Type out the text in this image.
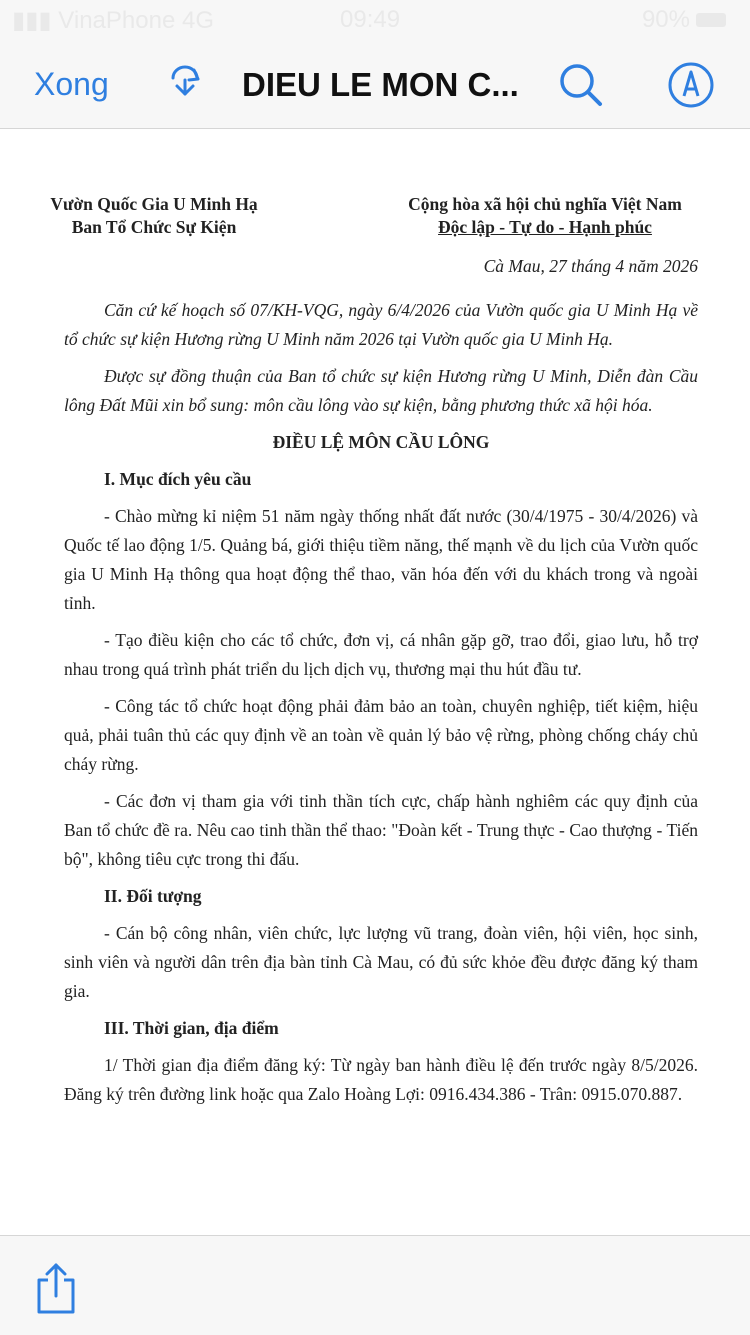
▮▮▮ VinaPhone 4G	09:49	90%
Xong	DIEU LE MON C...
Vườn Quốc Gia U Minh Hạ
Ban Tổ Chức Sự Kiện
Cộng hòa xã hội chủ nghĩa Việt Nam
Độc lập - Tự do - Hạnh phúc
Cà Mau, 27 tháng 4 năm 2026

Căn cứ kế hoạch số 07/KH-VQG, ngày 6/4/2026 của Vườn quốc gia U Minh Hạ về tổ chức sự kiện Hương rừng U Minh năm 2026 tại Vườn quốc gia U Minh Hạ.

Được sự đồng thuận của Ban tổ chức sự kiện Hương rừng U Minh, Diễn đàn Cầu lông Đất Mũi xin bổ sung: môn cầu lông vào sự kiện, bằng phương thức xã hội hóa.

ĐIỀU LỆ MÔN CẦU LÔNG

I. Mục đích yêu cầu

- Chào mừng kỉ niệm 51 năm ngày thống nhất đất nước (30/4/1975 - 30/4/2026) và Quốc tế lao động 1/5. Quảng bá, giới thiệu tiềm năng, thế mạnh về du lịch của Vườn quốc gia U Minh Hạ thông qua hoạt động thể thao, văn hóa đến với du khách trong và ngoài tỉnh.

- Tạo điều kiện cho các tổ chức, đơn vị, cá nhân gặp gỡ, trao đổi, giao lưu, hỗ trợ nhau trong quá trình phát triển du lịch dịch vụ, thương mại thu hút đầu tư.

- Công tác tổ chức hoạt động phải đảm bảo an toàn, chuyên nghiệp, tiết kiệm, hiệu quả, phải tuân thủ các quy định về an toàn về quản lý bảo vệ rừng, phòng chống cháy chủ cháy rừng.

- Các đơn vị tham gia với tinh thần tích cực, chấp hành nghiêm các quy định của Ban tổ chức đề ra. Nêu cao tinh thần thể thao: "Đoàn kết - Trung thực - Cao thượng - Tiến bộ", không tiêu cực trong thi đấu.

II. Đối tượng

- Cán bộ công nhân, viên chức, lực lượng vũ trang, đoàn viên, hội viên, học sinh, sinh viên và người dân trên địa bàn tỉnh Cà Mau, có đủ sức khỏe đều được đăng ký tham gia.

III. Thời gian, địa điểm

1/ Thời gian địa điểm đăng ký: Từ ngày ban hành điều lệ đến trước ngày 8/5/2026. Đăng ký trên đường link hoặc qua Zalo Hoàng Lợi: 0916.434.386 - Trân: 0915.070.887.
